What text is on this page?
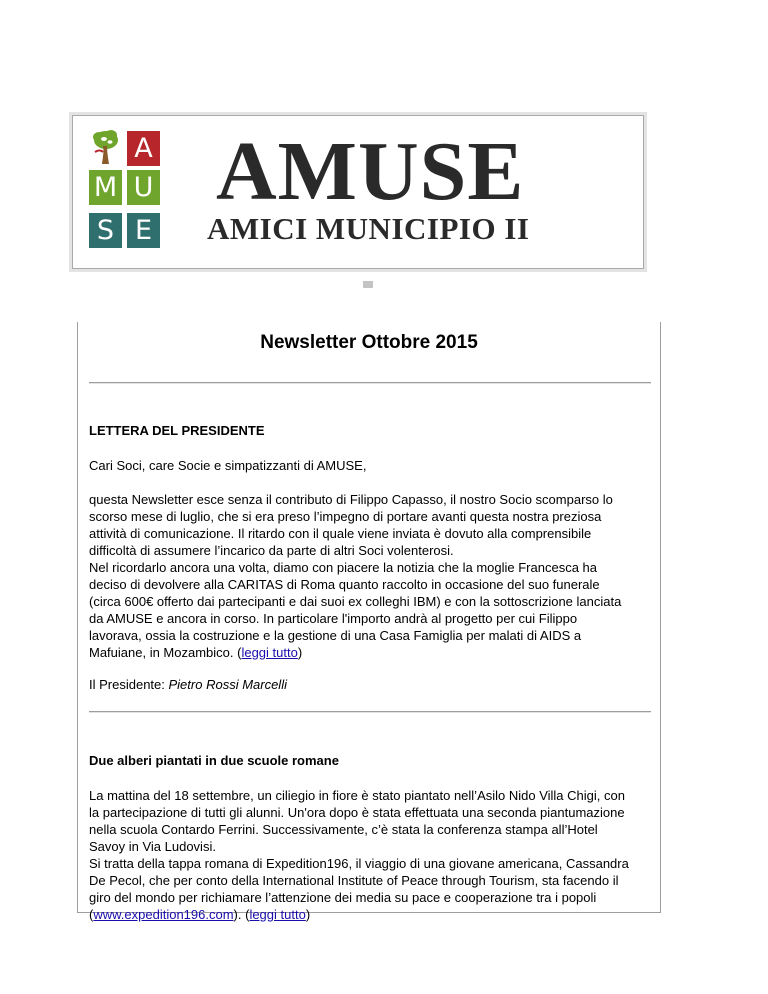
A
M U
S E
AMUSE
AMICI MUNICIPIO II
Newsletter Ottobre 2015
LETTERA DEL PRESIDENTE

Cari Soci, care Socie e simpatizzanti di AMUSE,

questa Newsletter esce senza il contributo di Filippo Capasso, il nostro Socio scomparso lo
scorso mese di luglio, che si era preso l’impegno di portare avanti questa nostra preziosa
attività di comunicazione. Il ritardo con il quale viene inviata è dovuto alla comprensibile
difficoltà di assumere l’incarico da parte di altri Soci volenterosi.
Nel ricordarlo ancora una volta, diamo con piacere la notizia che la moglie Francesca ha
deciso di devolvere alla CARITAS di Roma quanto raccolto in occasione del suo funerale
(circa 600€ offerto dai partecipanti e dai suoi ex colleghi IBM) e con la sottoscrizione lanciata
da AMUSE e ancora in corso. In particolare l'importo andrà al progetto per cui Filippo
lavorava, ossia la costruzione e la gestione di una Casa Famiglia per malati di AIDS a
Mafuiane, in Mozambico. (leggi tutto)

Il Presidente: Pietro Rossi Marcelli

Due alberi piantati in due scuole romane
La mattina del 18 settembre, un ciliegio in fiore è stato piantato nell’Asilo Nido Villa Chigi, con
la partecipazione di tutti gli alunni. Un'ora dopo è stata effettuata una seconda piantumazione
nella scuola Contardo Ferrini. Successivamente, c’è stata la conferenza stampa all’Hotel
Savoy in Via Ludovisi.
Si tratta della tappa romana di Expedition196, il viaggio di una giovane americana, Cassandra
De Pecol, che per conto della International Institute of Peace through Tourism, sta facendo il
giro del mondo per richiamare l’attenzione dei media su pace e cooperazione tra i popoli
(www.expedition196.com). (leggi tutto)
